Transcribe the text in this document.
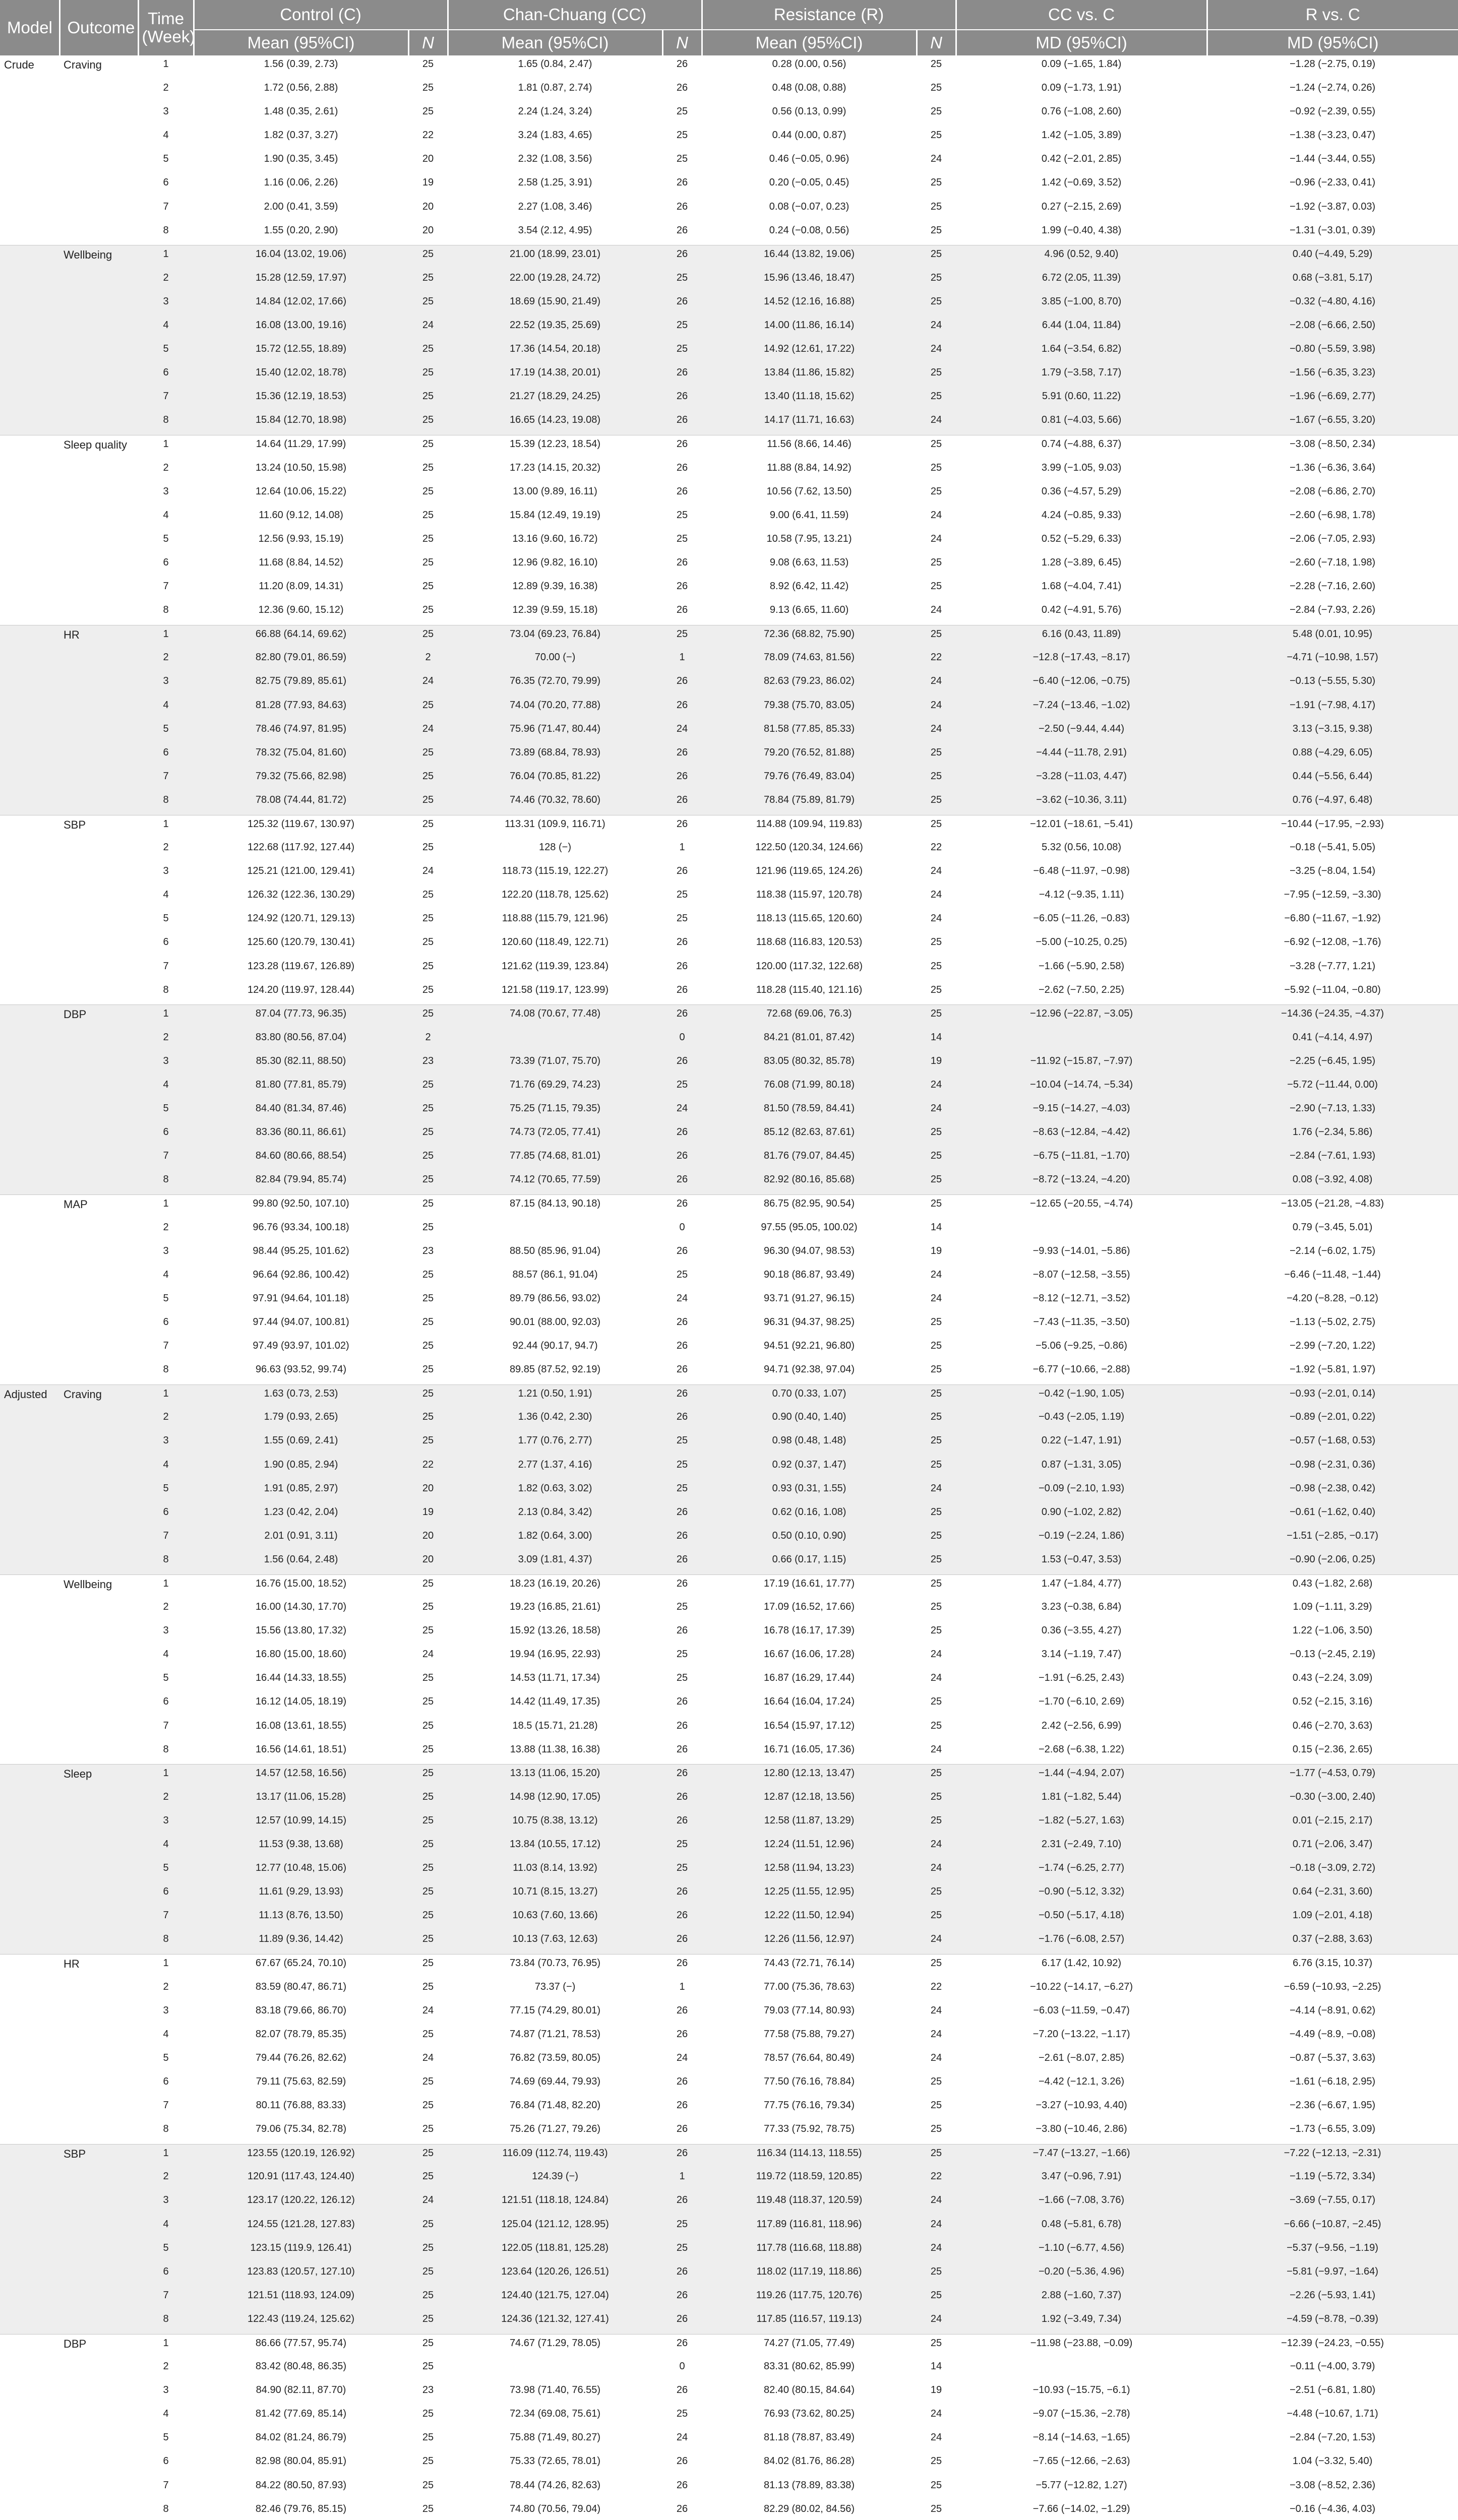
Model	Outcome	Time (Week)	Control (C)		Chan-Chuang (CC)		Resistance (R)		CC vs. C	R vs. C
			Mean (95%CI)	N	Mean (95%CI)	N	Mean (95%CI)	N	MD (95%CI)	MD (95%CI)
Crude	Craving	1	1.56 (0.39, 2.73)	25	1.65 (0.84, 2.47)	26	0.28 (0.00, 0.56)	25	0.09 (−1.65, 1.84)	−1.28 (−2.75, 0.19)
		2	1.72 (0.56, 2.88)	25	1.81 (0.87, 2.74)	26	0.48 (0.08, 0.88)	25	0.09 (−1.73, 1.91)	−1.24 (−2.74, 0.26)
		3	1.48 (0.35, 2.61)	25	2.24 (1.24, 3.24)	25	0.56 (0.13, 0.99)	25	0.76 (−1.08, 2.60)	−0.92 (−2.39, 0.55)
		4	1.82 (0.37, 3.27)	22	3.24 (1.83, 4.65)	25	0.44 (0.00, 0.87)	25	1.42 (−1.05, 3.89)	−1.38 (−3.23, 0.47)
		5	1.90 (0.35, 3.45)	20	2.32 (1.08, 3.56)	25	0.46 (−0.05, 0.96)	24	0.42 (−2.01, 2.85)	−1.44 (−3.44, 0.55)
		6	1.16 (0.06, 2.26)	19	2.58 (1.25, 3.91)	26	0.20 (−0.05, 0.45)	25	1.42 (−0.69, 3.52)	−0.96 (−2.33, 0.41)
		7	2.00 (0.41, 3.59)	20	2.27 (1.08, 3.46)	26	0.08 (−0.07, 0.23)	25	0.27 (−2.15, 2.69)	−1.92 (−3.87, 0.03)
		8	1.55 (0.20, 2.90)	20	3.54 (2.12, 4.95)	26	0.24 (−0.08, 0.56)	25	1.99 (−0.40, 4.38)	−1.31 (−3.01, 0.39)
	Wellbeing	1	16.04 (13.02, 19.06)	25	21.00 (18.99, 23.01)	26	16.44 (13.82, 19.06)	25	4.96 (0.52, 9.40)	0.40 (−4.49, 5.29)
		2	15.28 (12.59, 17.97)	25	22.00 (19.28, 24.72)	25	15.96 (13.46, 18.47)	25	6.72 (2.05, 11.39)	0.68 (−3.81, 5.17)
		3	14.84 (12.02, 17.66)	25	18.69 (15.90, 21.49)	26	14.52 (12.16, 16.88)	25	3.85 (−1.00, 8.70)	−0.32 (−4.80, 4.16)
		4	16.08 (13.00, 19.16)	24	22.52 (19.35, 25.69)	25	14.00 (11.86, 16.14)	24	6.44 (1.04, 11.84)	−2.08 (−6.66, 2.50)
		5	15.72 (12.55, 18.89)	25	17.36 (14.54, 20.18)	25	14.92 (12.61, 17.22)	24	1.64 (−3.54, 6.82)	−0.80 (−5.59, 3.98)
		6	15.40 (12.02, 18.78)	25	17.19 (14.38, 20.01)	26	13.84 (11.86, 15.82)	25	1.79 (−3.58, 7.17)	−1.56 (−6.35, 3.23)
		7	15.36 (12.19, 18.53)	25	21.27 (18.29, 24.25)	26	13.40 (11.18, 15.62)	25	5.91 (0.60, 11.22)	−1.96 (−6.69, 2.77)
		8	15.84 (12.70, 18.98)	25	16.65 (14.23, 19.08)	26	14.17 (11.71, 16.63)	24	0.81 (−4.03, 5.66)	−1.67 (−6.55, 3.20)
	Sleep quality	1	14.64 (11.29, 17.99)	25	15.39 (12.23, 18.54)	26	11.56 (8.66, 14.46)	25	0.74 (−4.88, 6.37)	−3.08 (−8.50, 2.34)
		2	13.24 (10.50, 15.98)	25	17.23 (14.15, 20.32)	26	11.88 (8.84, 14.92)	25	3.99 (−1.05, 9.03)	−1.36 (−6.36, 3.64)
		3	12.64 (10.06, 15.22)	25	13.00 (9.89, 16.11)	26	10.56 (7.62, 13.50)	25	0.36 (−4.57, 5.29)	−2.08 (−6.86, 2.70)
		4	11.60 (9.12, 14.08)	25	15.84 (12.49, 19.19)	25	9.00 (6.41, 11.59)	24	4.24 (−0.85, 9.33)	−2.60 (−6.98, 1.78)
		5	12.56 (9.93, 15.19)	25	13.16 (9.60, 16.72)	25	10.58 (7.95, 13.21)	24	0.52 (−5.29, 6.33)	−2.06 (−7.05, 2.93)
		6	11.68 (8.84, 14.52)	25	12.96 (9.82, 16.10)	26	9.08 (6.63, 11.53)	25	1.28 (−3.89, 6.45)	−2.60 (−7.18, 1.98)
		7	11.20 (8.09, 14.31)	25	12.89 (9.39, 16.38)	26	8.92 (6.42, 11.42)	25	1.68 (−4.04, 7.41)	−2.28 (−7.16, 2.60)
		8	12.36 (9.60, 15.12)	25	12.39 (9.59, 15.18)	26	9.13 (6.65, 11.60)	24	0.42 (−4.91, 5.76)	−2.84 (−7.93, 2.26)
	HR	1	66.88 (64.14, 69.62)	25	73.04 (69.23, 76.84)	25	72.36 (68.82, 75.90)	25	6.16 (0.43, 11.89)	5.48 (0.01, 10.95)
		2	82.80 (79.01, 86.59)	2	70.00 (−)	1	78.09 (74.63, 81.56)	22	−12.8 (−17.43, −8.17)	−4.71 (−10.98, 1.57)
		3	82.75 (79.89, 85.61)	24	76.35 (72.70, 79.99)	26	82.63 (79.23, 86.02)	24	−6.40 (−12.06, −0.75)	−0.13 (−5.55, 5.30)
		4	81.28 (77.93, 84.63)	25	74.04 (70.20, 77.88)	26	79.38 (75.70, 83.05)	24	−7.24 (−13.46, −1.02)	−1.91 (−7.98, 4.17)
		5	78.46 (74.97, 81.95)	24	75.96 (71.47, 80.44)	24	81.58 (77.85, 85.33)	24	−2.50 (−9.44, 4.44)	3.13 (−3.15, 9.38)
		6	78.32 (75.04, 81.60)	25	73.89 (68.84, 78.93)	26	79.20 (76.52, 81.88)	25	−4.44 (−11.78, 2.91)	0.88 (−4.29, 6.05)
		7	79.32 (75.66, 82.98)	25	76.04 (70.85, 81.22)	26	79.76 (76.49, 83.04)	25	−3.28 (−11.03, 4.47)	0.44 (−5.56, 6.44)
		8	78.08 (74.44, 81.72)	25	74.46 (70.32, 78.60)	26	78.84 (75.89, 81.79)	25	−3.62 (−10.36, 3.11)	0.76 (−4.97, 6.48)
	SBP	1	125.32 (119.67, 130.97)	25	113.31 (109.9, 116.71)	26	114.88 (109.94, 119.83)	25	−12.01 (−18.61, −5.41)	−10.44 (−17.95, −2.93)
		2	122.68 (117.92, 127.44)	25	128 (−)	1	122.50 (120.34, 124.66)	22	5.32 (0.56, 10.08)	−0.18 (−5.41, 5.05)
		3	125.21 (121.00, 129.41)	24	118.73 (115.19, 122.27)	26	121.96 (119.65, 124.26)	24	−6.48 (−11.97, −0.98)	−3.25 (−8.04, 1.54)
		4	126.32 (122.36, 130.29)	25	122.20 (118.78, 125.62)	25	118.38 (115.97, 120.78)	24	−4.12 (−9.35, 1.11)	−7.95 (−12.59, −3.30)
		5	124.92 (120.71, 129.13)	25	118.88 (115.79, 121.96)	25	118.13 (115.65, 120.60)	24	−6.05 (−11.26, −0.83)	−6.80 (−11.67, −1.92)
		6	125.60 (120.79, 130.41)	25	120.60 (118.49, 122.71)	26	118.68 (116.83, 120.53)	25	−5.00 (−10.25, 0.25)	−6.92 (−12.08, −1.76)
		7	123.28 (119.67, 126.89)	25	121.62 (119.39, 123.84)	26	120.00 (117.32, 122.68)	25	−1.66 (−5.90, 2.58)	−3.28 (−7.77, 1.21)
		8	124.20 (119.97, 128.44)	25	121.58 (119.17, 123.99)	26	118.28 (115.40, 121.16)	25	−2.62 (−7.50, 2.25)	−5.92 (−11.04, −0.80)
	DBP	1	87.04 (77.73, 96.35)	25	74.08 (70.67, 77.48)	26	72.68 (69.06, 76.3)	25	−12.96 (−22.87, −3.05)	−14.36 (−24.35, −4.37)
		2	83.80 (80.56, 87.04)	2		0	84.21 (81.01, 87.42)	14		0.41 (−4.14, 4.97)
		3	85.30 (82.11, 88.50)	23	73.39 (71.07, 75.70)	26	83.05 (80.32, 85.78)	19	−11.92 (−15.87, −7.97)	−2.25 (−6.45, 1.95)
		4	81.80 (77.81, 85.79)	25	71.76 (69.29, 74.23)	25	76.08 (71.99, 80.18)	24	−10.04 (−14.74, −5.34)	−5.72 (−11.44, 0.00)
		5	84.40 (81.34, 87.46)	25	75.25 (71.15, 79.35)	24	81.50 (78.59, 84.41)	24	−9.15 (−14.27, −4.03)	−2.90 (−7.13, 1.33)
		6	83.36 (80.11, 86.61)	25	74.73 (72.05, 77.41)	26	85.12 (82.63, 87.61)	25	−8.63 (−12.84, −4.42)	1.76 (−2.34, 5.86)
		7	84.60 (80.66, 88.54)	25	77.85 (74.68, 81.01)	26	81.76 (79.07, 84.45)	25	−6.75 (−11.81, −1.70)	−2.84 (−7.61, 1.93)
		8	82.84 (79.94, 85.74)	25	74.12 (70.65, 77.59)	26	82.92 (80.16, 85.68)	25	−8.72 (−13.24, −4.20)	0.08 (−3.92, 4.08)
	MAP	1	99.80 (92.50, 107.10)	25	87.15 (84.13, 90.18)	26	86.75 (82.95, 90.54)	25	−12.65 (−20.55, −4.74)	−13.05 (−21.28, −4.83)
		2	96.76 (93.34, 100.18)	25		0	97.55 (95.05, 100.02)	14		0.79 (−3.45, 5.01)
		3	98.44 (95.25, 101.62)	23	88.50 (85.96, 91.04)	26	96.30 (94.07, 98.53)	19	−9.93 (−14.01, −5.86)	−2.14 (−6.02, 1.75)
		4	96.64 (92.86, 100.42)	25	88.57 (86.1, 91.04)	25	90.18 (86.87, 93.49)	24	−8.07 (−12.58, −3.55)	−6.46 (−11.48, −1.44)
		5	97.91 (94.64, 101.18)	25	89.79 (86.56, 93.02)	24	93.71 (91.27, 96.15)	24	−8.12 (−12.71, −3.52)	−4.20 (−8.28, −0.12)
		6	97.44 (94.07, 100.81)	25	90.01 (88.00, 92.03)	26	96.31 (94.37, 98.25)	25	−7.43 (−11.35, −3.50)	−1.13 (−5.02, 2.75)
		7	97.49 (93.97, 101.02)	25	92.44 (90.17, 94.7)	26	94.51 (92.21, 96.80)	25	−5.06 (−9.25, −0.86)	−2.99 (−7.20, 1.22)
		8	96.63 (93.52, 99.74)	25	89.85 (87.52, 92.19)	26	94.71 (92.38, 97.04)	25	−6.77 (−10.66, −2.88)	−1.92 (−5.81, 1.97)
Adjusted	Craving	1	1.63 (0.73, 2.53)	25	1.21 (0.50, 1.91)	26	0.70 (0.33, 1.07)	25	−0.42 (−1.90, 1.05)	−0.93 (−2.01, 0.14)
		2	1.79 (0.93, 2.65)	25	1.36 (0.42, 2.30)	26	0.90 (0.40, 1.40)	25	−0.43 (−2.05, 1.19)	−0.89 (−2.01, 0.22)
		3	1.55 (0.69, 2.41)	25	1.77 (0.76, 2.77)	25	0.98 (0.48, 1.48)	25	0.22 (−1.47, 1.91)	−0.57 (−1.68, 0.53)
		4	1.90 (0.85, 2.94)	22	2.77 (1.37, 4.16)	25	0.92 (0.37, 1.47)	25	0.87 (−1.31, 3.05)	−0.98 (−2.31, 0.36)
		5	1.91 (0.85, 2.97)	20	1.82 (0.63, 3.02)	25	0.93 (0.31, 1.55)	24	−0.09 (−2.10, 1.93)	−0.98 (−2.38, 0.42)
		6	1.23 (0.42, 2.04)	19	2.13 (0.84, 3.42)	26	0.62 (0.16, 1.08)	25	0.90 (−1.02, 2.82)	−0.61 (−1.62, 0.40)
		7	2.01 (0.91, 3.11)	20	1.82 (0.64, 3.00)	26	0.50 (0.10, 0.90)	25	−0.19 (−2.24, 1.86)	−1.51 (−2.85, −0.17)
		8	1.56 (0.64, 2.48)	20	3.09 (1.81, 4.37)	26	0.66 (0.17, 1.15)	25	1.53 (−0.47, 3.53)	−0.90 (−2.06, 0.25)
	Wellbeing	1	16.76 (15.00, 18.52)	25	18.23 (16.19, 20.26)	26	17.19 (16.61, 17.77)	25	1.47 (−1.84, 4.77)	0.43 (−1.82, 2.68)
		2	16.00 (14.30, 17.70)	25	19.23 (16.85, 21.61)	25	17.09 (16.52, 17.66)	25	3.23 (−0.38, 6.84)	1.09 (−1.11, 3.29)
		3	15.56 (13.80, 17.32)	25	15.92 (13.26, 18.58)	26	16.78 (16.17, 17.39)	25	0.36 (−3.55, 4.27)	1.22 (−1.06, 3.50)
		4	16.80 (15.00, 18.60)	24	19.94 (16.95, 22.93)	25	16.67 (16.06, 17.28)	24	3.14 (−1.19, 7.47)	−0.13 (−2.45, 2.19)
		5	16.44 (14.33, 18.55)	25	14.53 (11.71, 17.34)	25	16.87 (16.29, 17.44)	24	−1.91 (−6.25, 2.43)	0.43 (−2.24, 3.09)
		6	16.12 (14.05, 18.19)	25	14.42 (11.49, 17.35)	26	16.64 (16.04, 17.24)	25	−1.70 (−6.10, 2.69)	0.52 (−2.15, 3.16)
		7	16.08 (13.61, 18.55)	25	18.5 (15.71, 21.28)	26	16.54 (15.97, 17.12)	25	2.42 (−2.56, 6.99)	0.46 (−2.70, 3.63)
		8	16.56 (14.61, 18.51)	25	13.88 (11.38, 16.38)	26	16.71 (16.05, 17.36)	24	−2.68 (−6.38, 1.22)	0.15 (−2.36, 2.65)
	Sleep	1	14.57 (12.58, 16.56)	25	13.13 (11.06, 15.20)	26	12.80 (12.13, 13.47)	25	−1.44 (−4.94, 2.07)	−1.77 (−4.53, 0.79)
		2	13.17 (11.06, 15.28)	25	14.98 (12.90, 17.05)	26	12.87 (12.18, 13.56)	25	1.81 (−1.82, 5.44)	−0.30 (−3.00, 2.40)
		3	12.57 (10.99, 14.15)	25	10.75 (8.38, 13.12)	26	12.58 (11.87, 13.29)	25	−1.82 (−5.27, 1.63)	0.01 (−2.15, 2.17)
		4	11.53 (9.38, 13.68)	25	13.84 (10.55, 17.12)	25	12.24 (11.51, 12.96)	24	2.31 (−2.49, 7.10)	0.71 (−2.06, 3.47)
		5	12.77 (10.48, 15.06)	25	11.03 (8.14, 13.92)	25	12.58 (11.94, 13.23)	24	−1.74 (−6.25, 2.77)	−0.18 (−3.09, 2.72)
		6	11.61 (9.29, 13.93)	25	10.71 (8.15, 13.27)	26	12.25 (11.55, 12.95)	25	−0.90 (−5.12, 3.32)	0.64 (−2.31, 3.60)
		7	11.13 (8.76, 13.50)	25	10.63 (7.60, 13.66)	26	12.22 (11.50, 12.94)	25	−0.50 (−5.17, 4.18)	1.09 (−2.01, 4.18)
		8	11.89 (9.36, 14.42)	25	10.13 (7.63, 12.63)	26	12.26 (11.56, 12.97)	24	−1.76 (−6.08, 2.57)	0.37 (−2.88, 3.63)
	HR	1	67.67 (65.24, 70.10)	25	73.84 (70.73, 76.95)	26	74.43 (72.71, 76.14)	25	6.17 (1.42, 10.92)	6.76 (3.15, 10.37)
		2	83.59 (80.47, 86.71)	25	73.37 (−)	1	77.00 (75.36, 78.63)	22	−10.22 (−14.17, −6.27)	−6.59 (−10.93, −2.25)
		3	83.18 (79.66, 86.70)	24	77.15 (74.29, 80.01)	26	79.03 (77.14, 80.93)	24	−6.03 (−11.59, −0.47)	−4.14 (−8.91, 0.62)
		4	82.07 (78.79, 85.35)	25	74.87 (71.21, 78.53)	26	77.58 (75.88, 79.27)	24	−7.20 (−13.22, −1.17)	−4.49 (−8.9, −0.08)
		5	79.44 (76.26, 82.62)	24	76.82 (73.59, 80.05)	24	78.57 (76.64, 80.49)	24	−2.61 (−8.07, 2.85)	−0.87 (−5.37, 3.63)
		6	79.11 (75.63, 82.59)	25	74.69 (69.44, 79.93)	26	77.50 (76.16, 78.84)	25	−4.42 (−12.1, 3.26)	−1.61 (−6.18, 2.95)
		7	80.11 (76.88, 83.33)	25	76.84 (71.48, 82.20)	26	77.75 (76.16, 79.34)	25	−3.27 (−10.93, 4.40)	−2.36 (−6.67, 1.95)
		8	79.06 (75.34, 82.78)	25	75.26 (71.27, 79.26)	26	77.33 (75.92, 78.75)	25	−3.80 (−10.46, 2.86)	−1.73 (−6.55, 3.09)
	SBP	1	123.55 (120.19, 126.92)	25	116.09 (112.74, 119.43)	26	116.34 (114.13, 118.55)	25	−7.47 (−13.27, −1.66)	−7.22 (−12.13, −2.31)
		2	120.91 (117.43, 124.40)	25	124.39 (−)	1	119.72 (118.59, 120.85)	22	3.47 (−0.96, 7.91)	−1.19 (−5.72, 3.34)
		3	123.17 (120.22, 126.12)	24	121.51 (118.18, 124.84)	26	119.48 (118.37, 120.59)	24	−1.66 (−7.08, 3.76)	−3.69 (−7.55, 0.17)
		4	124.55 (121.28, 127.83)	25	125.04 (121.12, 128.95)	25	117.89 (116.81, 118.96)	24	0.48 (−5.81, 6.78)	−6.66 (−10.87, −2.45)
		5	123.15 (119.9, 126.41)	25	122.05 (118.81, 125.28)	25	117.78 (116.68, 118.88)	24	−1.10 (−6.77, 4.56)	−5.37 (−9.56, −1.19)
		6	123.83 (120.57, 127.10)	25	123.64 (120.26, 126.51)	26	118.02 (117.19, 118.86)	25	−0.20 (−5.36, 4.96)	−5.81 (−9.97, −1.64)
		7	121.51 (118.93, 124.09)	25	124.40 (121.75, 127.04)	26	119.26 (117.75, 120.76)	25	2.88 (−1.60, 7.37)	−2.26 (−5.93, 1.41)
		8	122.43 (119.24, 125.62)	25	124.36 (121.32, 127.41)	26	117.85 (116.57, 119.13)	24	1.92 (−3.49, 7.34)	−4.59 (−8.78, −0.39)
	DBP	1	86.66 (77.57, 95.74)	25	74.67 (71.29, 78.05)	26	74.27 (71.05, 77.49)	25	−11.98 (−23.88, −0.09)	−12.39 (−24.23, −0.55)
		2	83.42 (80.48, 86.35)	25		0	83.31 (80.62, 85.99)	14		−0.11 (−4.00, 3.79)
		3	84.90 (82.11, 87.70)	23	73.98 (71.40, 76.55)	26	82.40 (80.15, 84.64)	19	−10.93 (−15.75, −6.1)	−2.51 (−6.81, 1.80)
		4	81.42 (77.69, 85.14)	25	72.34 (69.08, 75.61)	25	76.93 (73.62, 80.25)	24	−9.07 (−15.36, −2.78)	−4.48 (−10.67, 1.71)
		5	84.02 (81.24, 86.79)	25	75.88 (71.49, 80.27)	24	81.18 (78.87, 83.49)	24	−8.14 (−14.63, −1.65)	−2.84 (−7.20, 1.53)
		6	82.98 (80.04, 85.91)	25	75.33 (72.65, 78.01)	26	84.02 (81.76, 86.28)	25	−7.65 (−12.66, −2.63)	1.04 (−3.32, 5.40)
		7	84.22 (80.50, 87.93)	25	78.44 (74.26, 82.63)	26	81.13 (78.89, 83.38)	25	−5.77 (−12.82, 1.27)	−3.08 (−8.52, 2.36)
		8	82.46 (79.76, 85.15)	25	74.80 (70.56, 79.04)	26	82.29 (80.02, 84.56)	25	−7.66 (−14.02, −1.29)	−0.16 (−4.36, 4.03)
